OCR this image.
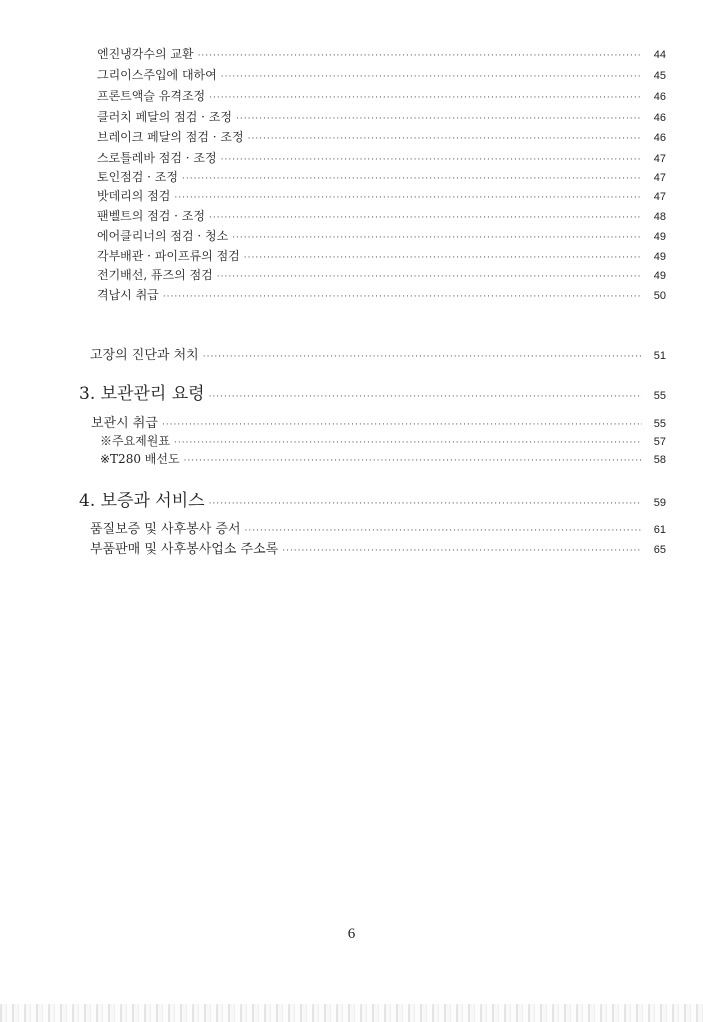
엔진냉각수의 교환 ·····	44
그리이스주입에 대하여 ·····	45
프론트액슬 유격조정 ·····	46
클러치 페달의 점검 · 조정 ·····	46
브레이크 페달의 점검 · 조정 ·····	46
스로틀레바 점검 · 조정 ·····	47
토인점검 · 조정 ·····	47
밧데리의 점검 ·····	47
팬벨트의 점검 · 조정 ·····	48
에어클리너의 점검 · 청소 ·····	49
각부배관 · 파이프류의 점검 ·····	49
전기배선, 퓨즈의 점검 ·····	49
격납시 취급 ·····	50
고장의 진단과 처치 ·····	51
3. 보관관리 요령 ·····	55
보관시 취급 ·····	55
※주요제원표 ·····	57
※T280 배선도 ·····	58
4. 보증과 서비스 ·····	59
품질보증 및 사후봉사 증서 ·····	61
부품판매 및 사후봉사업소 주소록 ·····	65
6
